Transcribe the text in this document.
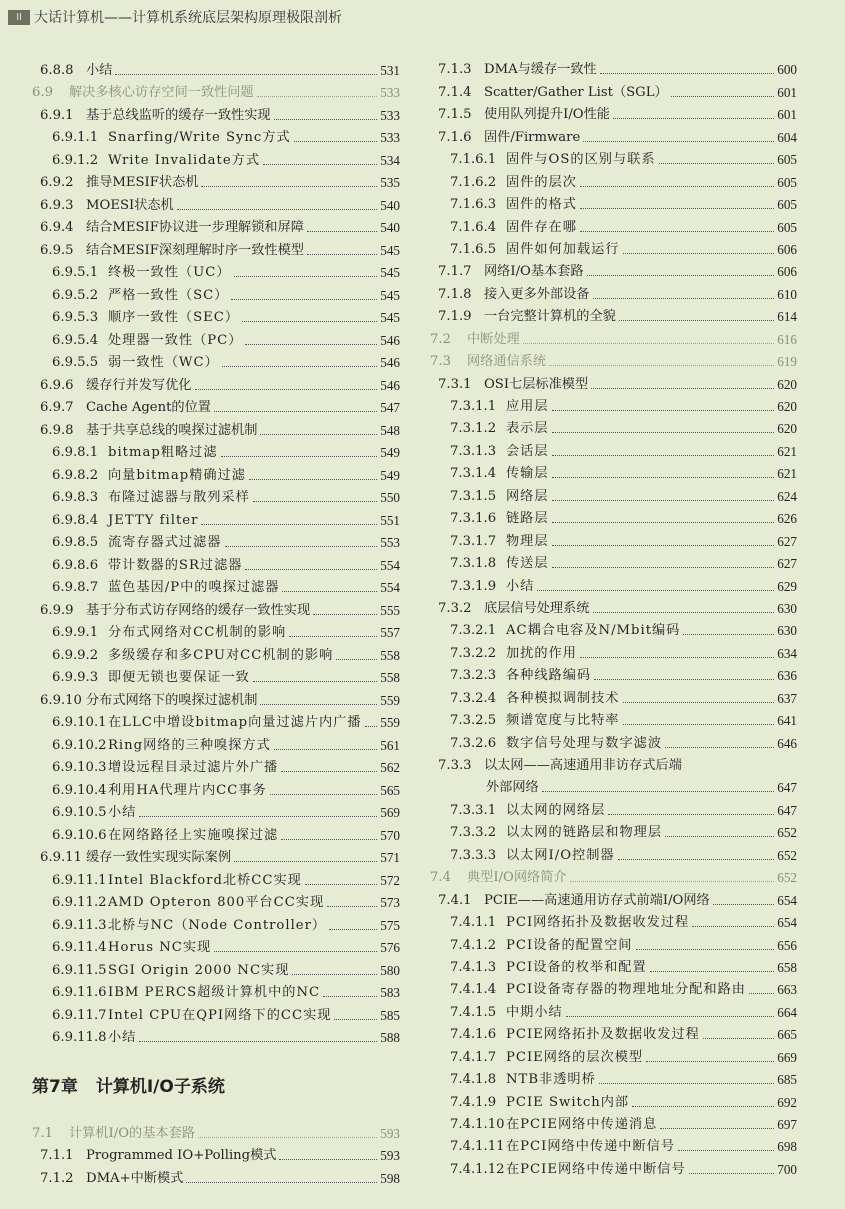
II 大话计算机——计算机系统底层架构原理极限剖析
6.8.8 小结	531
6.9	解决多核心访存空间一致性问题	533
6.9.1 基于总线监听的缓存一致性实现	533
6.9.1.1 Snarfing/Write Sync方式	533
6.9.1.2 Write Invalidate方式	534
6.9.2 推导MESIF状态机	535
6.9.3 MOESI状态机	540
6.9.4 结合MESIF协议进一步理解锁和屏障	540
6.9.5 结合MESIF深刻理解时序一致性模型	545
6.9.5.1 终极一致性（UC）	545
6.9.5.2 严格一致性（SC）	545
6.9.5.3 顺序一致性（SEC）	545
6.9.5.4 处理器一致性（PC）	546
6.9.5.5 弱一致性（WC）	546
6.9.6 缓存行并发写优化	546
6.9.7 Cache Agent的位置	547
6.9.8 基于共享总线的嗅探过滤机制	548
6.9.8.1 bitmap粗略过滤	549
6.9.8.2 向量bitmap精确过滤	549
6.9.8.3 布隆过滤器与散列采样	550
6.9.8.4 JETTY filter	551
6.9.8.5 流寄存器式过滤器	553
6.9.8.6 带计数器的SR过滤器	554
6.9.8.7 蓝色基因/P中的嗅探过滤器	554
6.9.9 基于分布式访存网络的缓存一致性实现	555
6.9.9.1 分布式网络对CC机制的影响	557
6.9.9.2 多级缓存和多CPU对CC机制的影响	558
6.9.9.3 即便无锁也要保证一致	558
6.9.10 分布式网络下的嗅探过滤机制	559
6.9.10.1 在LLC中增设bitmap向量过滤片内广播 559
6.9.10.2 Ring网络的三种嗅探方式	561
6.9.10.3 增设远程目录过滤片外广播	562
6.9.10.4 利用HA代理片内CC事务	565
6.9.10.5 小结	569
6.9.10.6 在网络路径上实施嗅探过滤	570
6.9.11 缓存一致性实现实际案例	571
6.9.11.1 Intel Blackford北桥CC实现	572
6.9.11.2 AMD Opteron 800平台CC实现	573
6.9.11.3 北桥与NC（Node Controller）	575
6.9.11.4 Horus NC实现	576
6.9.11.5 SGI Origin 2000 NC实现	580
6.9.11.6 IBM PERCS超级计算机中的NC	583
6.9.11.7 Intel CPU在QPI网络下的CC实现	585
6.9.11.8 小结	588
第7章 计算机I/O子系统
7.1	计算机I/O的基本套路	593
7.1.1 Programmed IO+Polling模式	593
7.1.2 DMA+中断模式	598
7.1.3 DMA与缓存一致性	600
7.1.4 Scatter/Gather List（SGL）	601
7.1.5 使用队列提升I/O性能	601
7.1.6 固件/Firmware	604
7.1.6.1 固件与OS的区别与联系	605
7.1.6.2 固件的层次	605
7.1.6.3 固件的格式	605
7.1.6.4 固件存在哪	605
7.1.6.5 固件如何加载运行	606
7.1.7 网络I/O基本套路	606
7.1.8 接入更多外部设备	610
7.1.9 一台完整计算机的全貌	614
7.2	中断处理	616
7.3	网络通信系统	619
7.3.1 OSI七层标准模型	620
7.3.1.1 应用层	620
7.3.1.2 表示层	620
7.3.1.3 会话层	621
7.3.1.4 传输层	621
7.3.1.5 网络层	624
7.3.1.6 链路层	626
7.3.1.7 物理层	627
7.3.1.8 传送层	627
7.3.1.9 小结	629
7.3.2 底层信号处理系统	630
7.3.2.1 AC耦合电容及N/Mbit编码	630
7.3.2.2 加扰的作用	634
7.3.2.3 各种线路编码	636
7.3.2.4 各种模拟调制技术	637
7.3.2.5 频谱宽度与比特率	641
7.3.2.6 数字信号处理与数字滤波	646
7.3.3 以太网——高速通用非访存式后端
外部网络	647
7.3.3.1 以太网的网络层	647
7.3.3.2 以太网的链路层和物理层	652
7.3.3.3 以太网I/O控制器	652
7.4	典型I/O网络简介	652
7.4.1 PCIE——高速通用访存式前端I/O网络	654
7.4.1.1 PCI网络拓扑及数据收发过程	654
7.4.1.2 PCI设备的配置空间	656
7.4.1.3 PCI设备的枚举和配置	658
7.4.1.4 PCI设备寄存器的物理地址分配和路由 663
7.4.1.5 中期小结	664
7.4.1.6 PCIE网络拓扑及数据收发过程	665
7.4.1.7 PCIE网络的层次模型	669
7.4.1.8 NTB非透明桥	685
7.4.1.9 PCIE Switch内部	692
7.4.1.10 在PCIE网络中传递消息	697
7.4.1.11 在PCI网络中传递中断信号	698
7.4.1.12 在PCIE网络中传递中断信号	700
